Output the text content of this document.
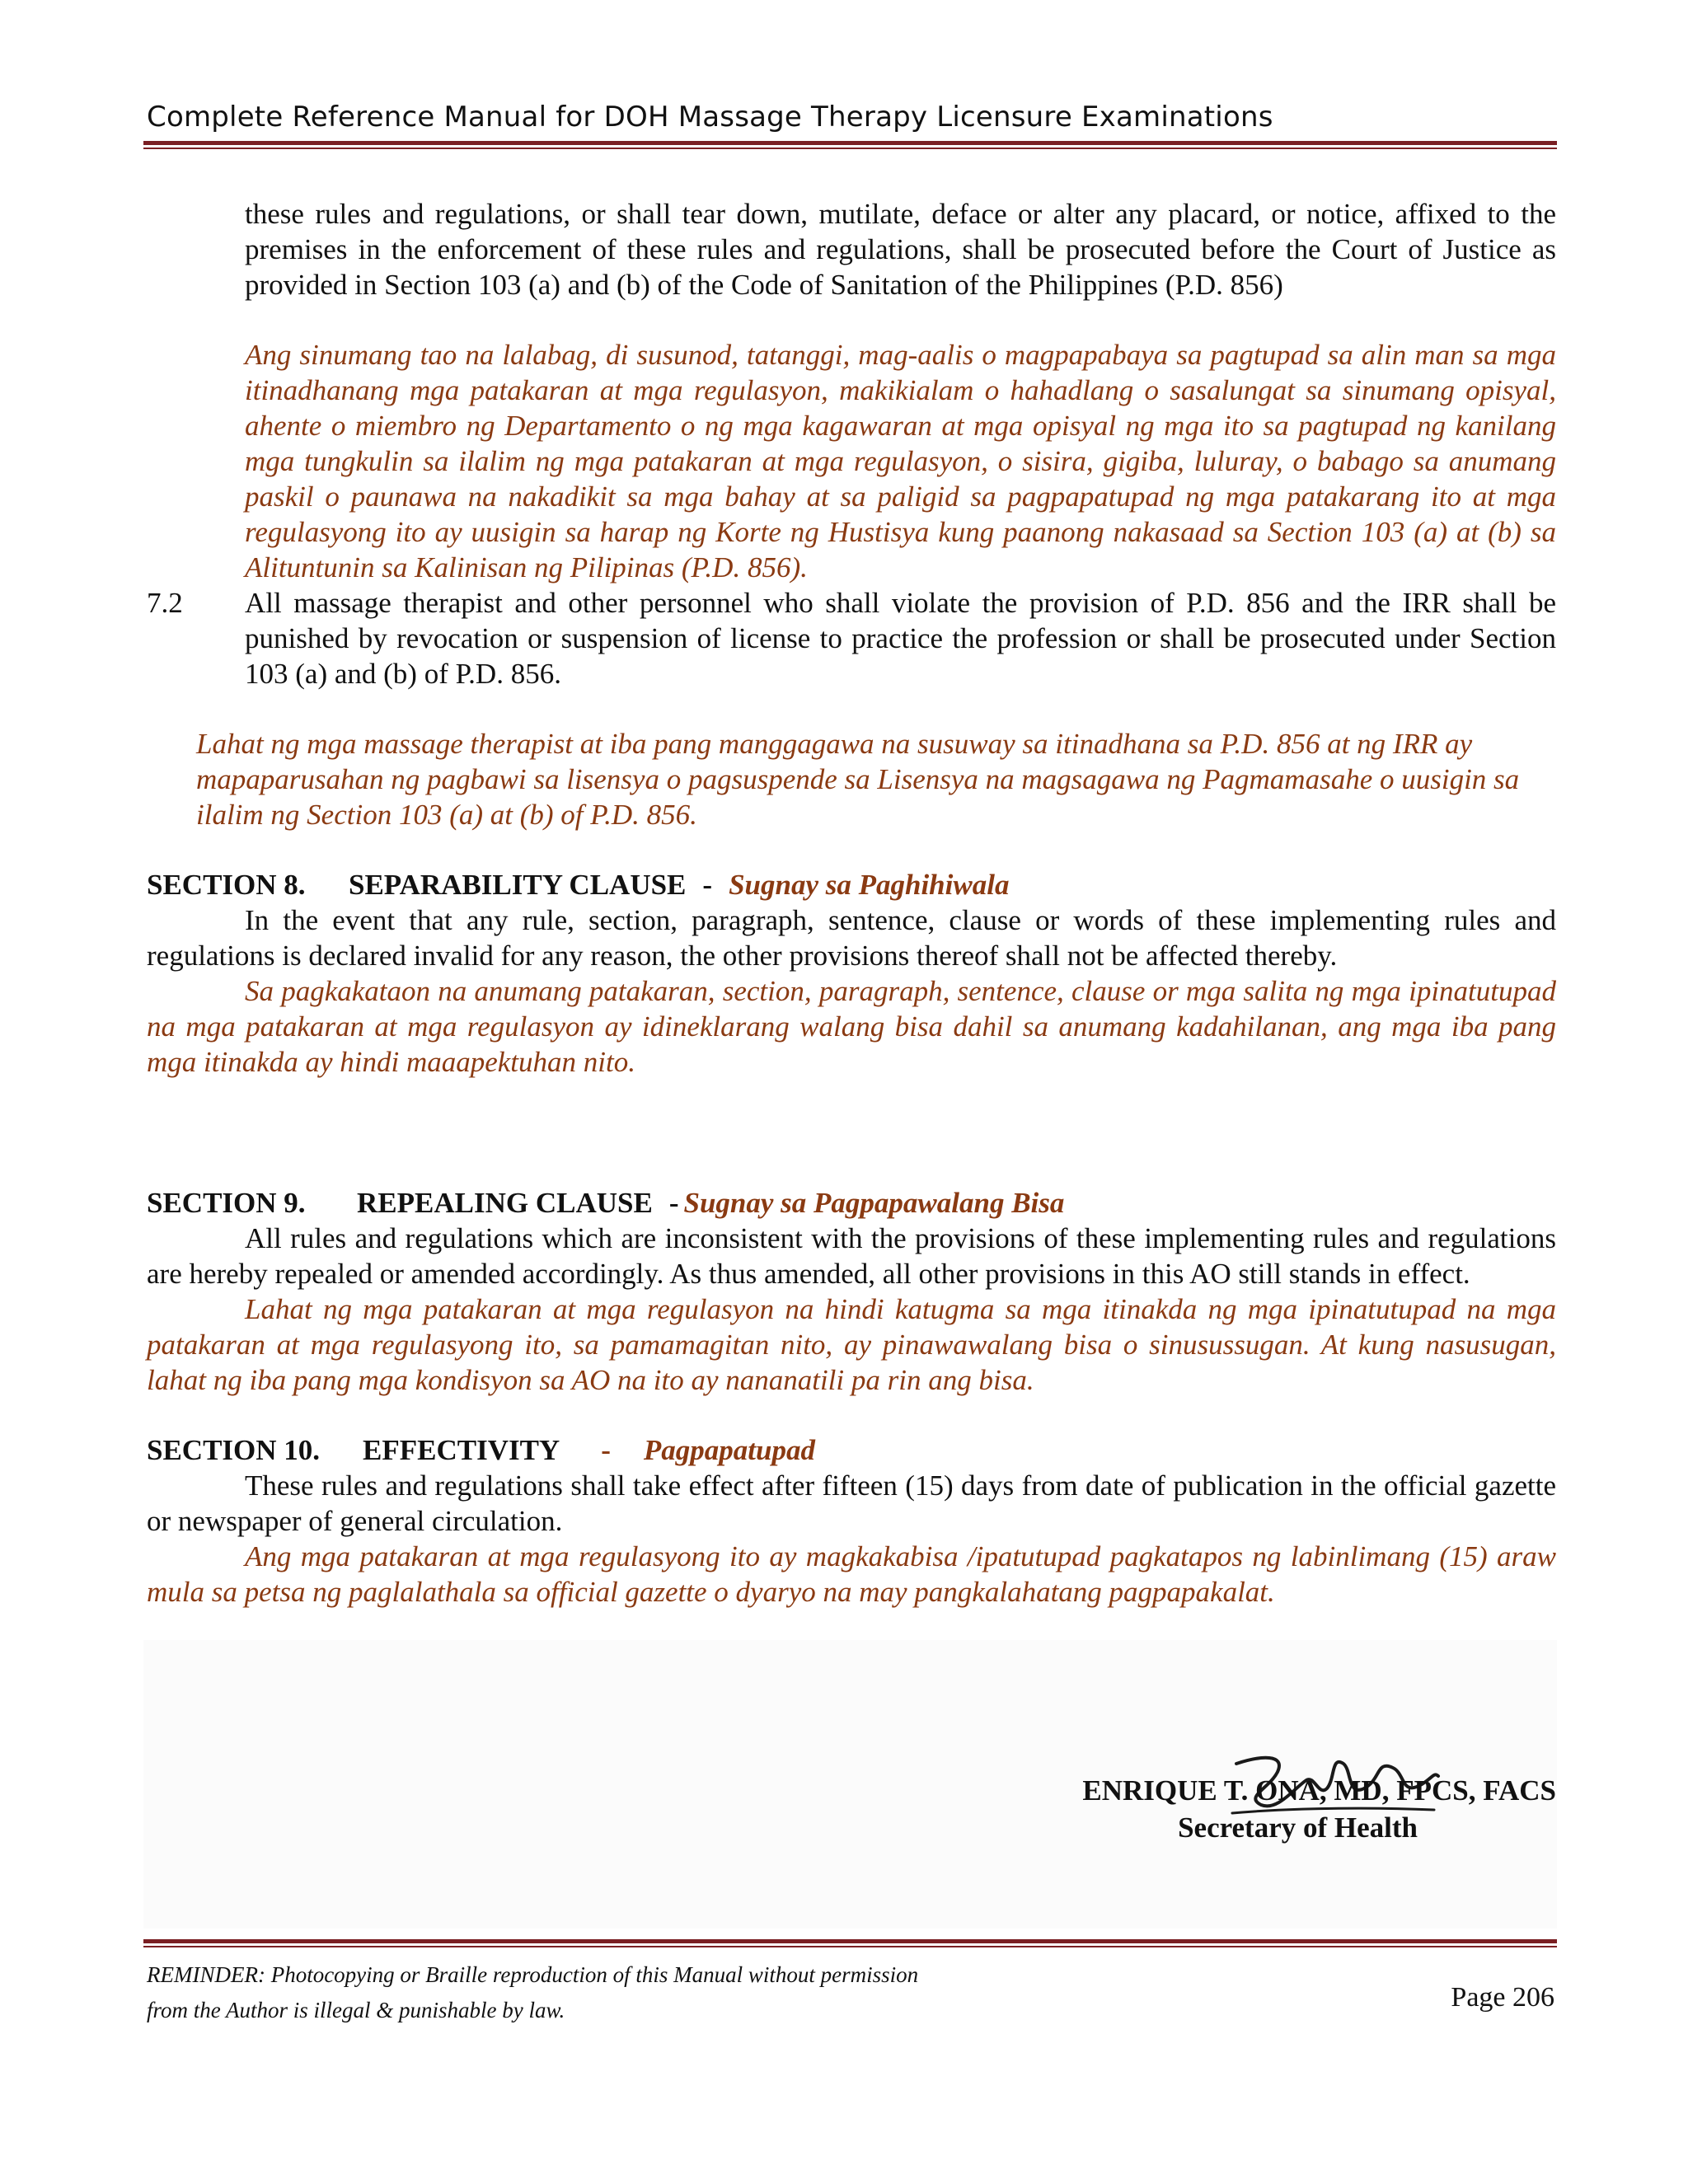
Complete Reference Manual for DOH Massage Therapy Licensure Examinations

these rules and regulations, or shall tear down, mutilate, deface or alter any placard, or notice, affixed to the premises in the enforcement of these rules and regulations, shall be prosecuted before the Court of Justice as provided in Section 103 (a) and (b) of the Code of Sanitation of the Philippines (P.D. 856)

Ang sinumang tao na lalabag, di susunod, tatanggi, mag-aalis o magpapabaya sa pagtupad sa alin man sa mga itinadhanang mga patakaran at mga regulasyon, makikialam o hahadlang o sasalungat sa sinumang opisyal, ahente o miembro ng Departamento o ng mga kagawaran at mga opisyal ng mga ito sa pagtupad ng kanilang mga tungkulin sa ilalim ng mga patakaran at mga regulasyon, o sisira, gigiba, luluray, o babago sa anumang paskil o paunawa na nakadikit sa mga bahay at sa paligid sa pagpapatupad ng mga patakarang ito at mga regulasyong ito ay uusigin sa harap ng Korte ng Hustisya kung paanong nakasaad sa Section 103 (a) at (b) sa Alituntunin sa Kalinisan ng Pilipinas (P.D. 856).

7.2	All massage therapist and other personnel who shall violate the provision of P.D. 856 and the IRR shall be punished by revocation or suspension of license to practice the profession or shall be prosecuted under Section 103 (a) and (b) of P.D. 856.

Lahat ng mga massage therapist at iba pang manggagawa na susuway sa itinadhana sa P.D. 856 at ng IRR ay mapaparusahan ng pagbawi sa lisensya o pagsuspende sa Lisensya na magsagawa ng Pagmamasahe o uusigin sa ilalim ng Section 103 (a) at (b) of P.D. 856.

SECTION 8.	SEPARABILITY CLAUSE - Sugnay sa Paghihiwala

In the event that any rule, section, paragraph, sentence, clause or words of these implementing rules and regulations is declared invalid for any reason, the other provisions thereof shall not be affected thereby.

Sa pagkakataon na anumang patakaran, section, paragraph, sentence, clause or mga salita ng mga ipinatutupad na mga patakaran at mga regulasyon ay idineklarang walang bisa dahil sa anumang kadahilanan, ang mga iba pang mga itinakda ay hindi maaapektuhan nito.

SECTION 9.	REPEALING CLAUSE - Sugnay sa Pagpapawalang Bisa

All rules and regulations which are inconsistent with the provisions of these implementing rules and regulations are hereby repealed or amended accordingly. As thus amended, all other provisions in this AO still stands in effect.

Lahat ng mga patakaran at mga regulasyon na hindi katugma sa mga itinakda ng mga ipinatutupad na mga patakaran at mga regulasyong ito, sa pamamagitan nito, ay pinawawalang bisa o sinusussugan. At kung nasusugan, lahat ng iba pang mga kondisyon sa AO na ito ay nananatili pa rin ang bisa.

SECTION 10.	EFFECTIVITY - Pagpapatupad

These rules and regulations shall take effect after fifteen (15) days from date of publication in the official gazette or newspaper of general circulation.

Ang mga patakaran at mga regulasyong ito ay magkakabisa /ipatutupad pagkatapos ng labinlimang (15) araw mula sa petsa ng paglalathala sa official gazette o dyaryo na may pangkalahatang pagpapakalat.

ENRIQUE T. ONA, MD, FPCS, FACS
Secretary of Health
REMINDER: Photocopying or Braille reproduction of this Manual without permission
from the Author is illegal & punishable by law.	Page 206
